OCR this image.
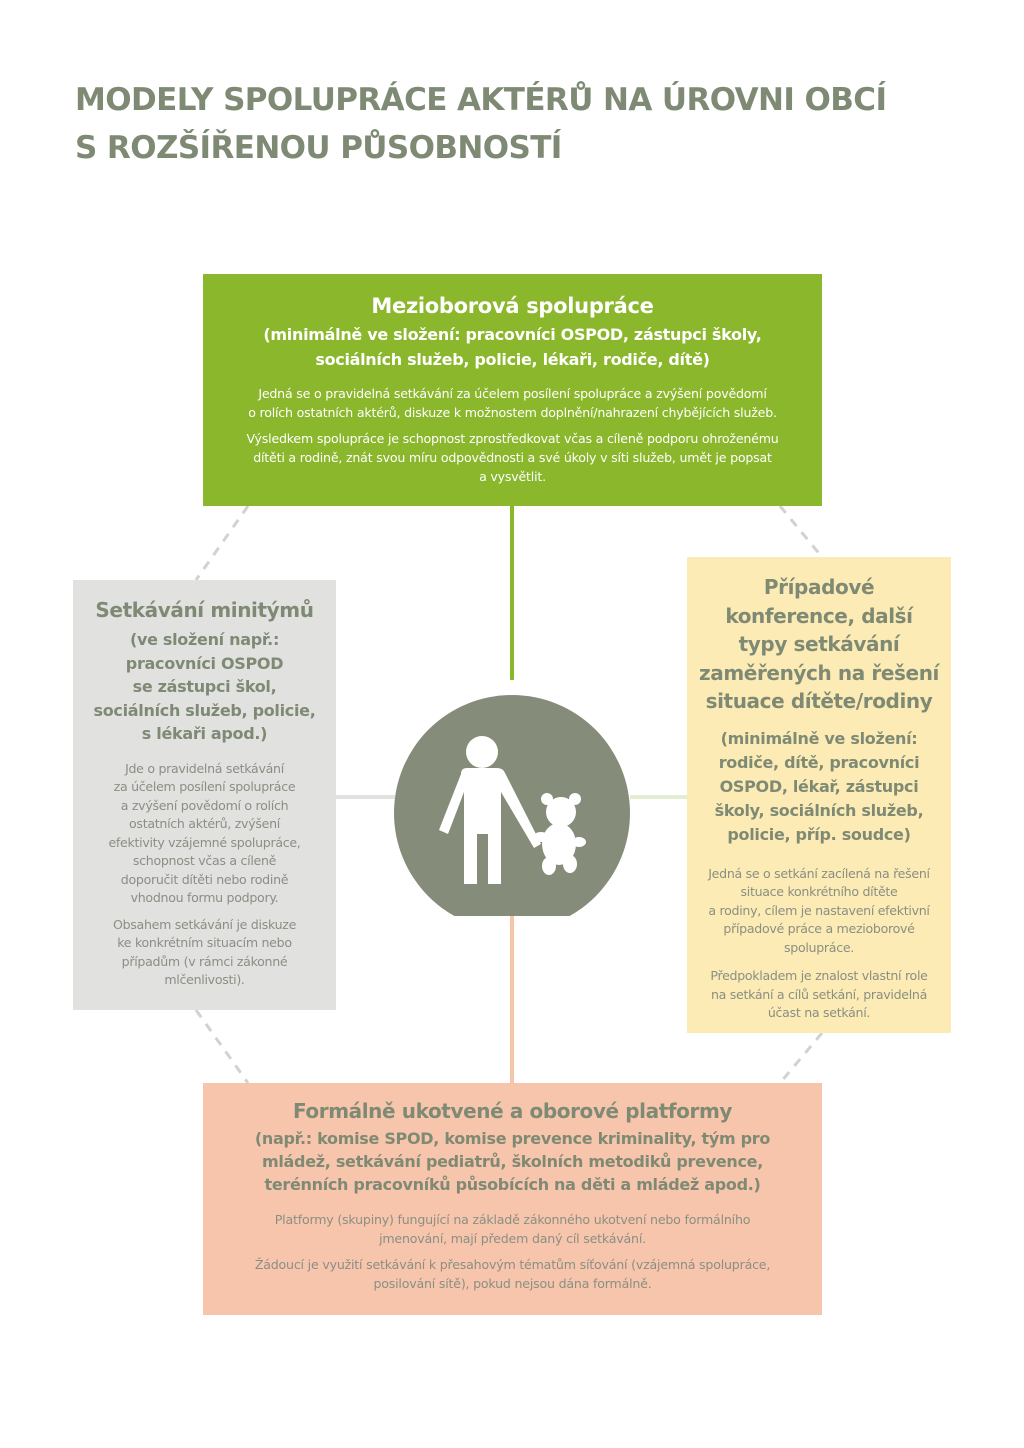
MODELY SPOLUPRÁCE AKTÉRŮ NA ÚROVNI OBCÍ
S ROZŠÍŘENOU PŮSOBNOSTÍ

Mezioborová spolupráce

(minimálně ve složení: pracovníci OSPOD, zástupci školy,
sociálních služeb, policie, lékaři, rodiče, dítě)

Jedná se o pravidelná setkávání za účelem posílení spolupráce a zvýšení povědomí
o rolích ostatních aktérů, diskuze k možnostem doplnění/nahrazení chybějících služeb.

Výsledkem spolupráce je schopnost zprostředkovat včas a cíleně podporu ohroženému
dítěti a rodině, znát svou míru odpovědnosti a své úkoly v síti služeb, umět je popsat
a vysvětlit.

Setkávání minitýmů

(ve složení např.:
pracovníci OSPOD
se zástupci škol,
sociálních služeb, policie,
s lékaři apod.)

Jde o pravidelná setkávání
za účelem posílení spolupráce
a zvýšení povědomí o rolích
ostatních aktérů, zvýšení
efektivity vzájemné spolupráce,
schopnost včas a cíleně
doporučit dítěti nebo rodině
vhodnou formu podpory.

Obsahem setkávání je diskuze
ke konkrétním situacím nebo
případům (v rámci zákonné
mlčenlivosti).

Případové
konference, další
typy setkávání
zaměřených na řešení
situace dítěte/rodiny

(minimálně ve složení:
rodiče, dítě, pracovníci
OSPOD, lékař, zástupci
školy, sociálních služeb,
policie, příp. soudce)

Jedná se o setkání zacílená na řešení
situace konkrétního dítěte
a rodiny, cílem je nastavení efektivní
případové práce a mezioborové
spolupráce.

Předpokladem je znalost vlastní role
na setkání a cílů setkání, pravidelná
účast na setkání.

Formálně ukotvené a oborové platformy

(např.: komise SPOD, komise prevence kriminality, tým pro
mládež, setkávání pediatrů, školních metodiků prevence,
terénních pracovníků působících na děti a mládež apod.)

Platformy (skupiny) fungující na základě zákonného ukotvení nebo formálního
jmenování, mají předem daný cíl setkávání.

Žádoucí je využití setkávání k přesahovým tématům síťování (vzájemná spolupráce,
posilování sítě), pokud nejsou dána formálně.
